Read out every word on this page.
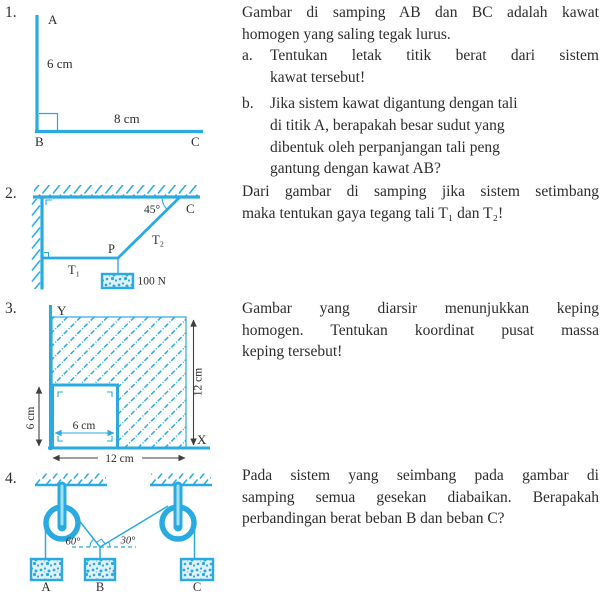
1. A
6 cm
8 cm
B	C
Gambar di samping AB dan BC adalah kawat
homogen yang saling tegak lurus.
a.	Tentukan letak titik berat dari sistem
kawat tersebut!
b.	Jika sistem kawat digantung dengan tali
di titik A, berapakah besar sudut yang
dibentuk oleh perpanjangan tali peng
gantung dengan kawat AB?
2.
45° C
T₂
P
T₁
100 N
Dari gambar di samping jika sistem setimbang
maka tentukan gaya tegang tali T₁ dan T₂!
3.	Y
X
12 cm
6 cm
12 cm
6 cm
Gambar yang diarsir menunjukkan keping
homogen. Tentukan koordinat pusat massa
keping tersebut!
4.
60°	30°
A	B	C
Pada sistem yang seimbang pada gambar di
samping semua gesekan diabaikan. Berapakah
perbandingan berat beban B dan beban C?
